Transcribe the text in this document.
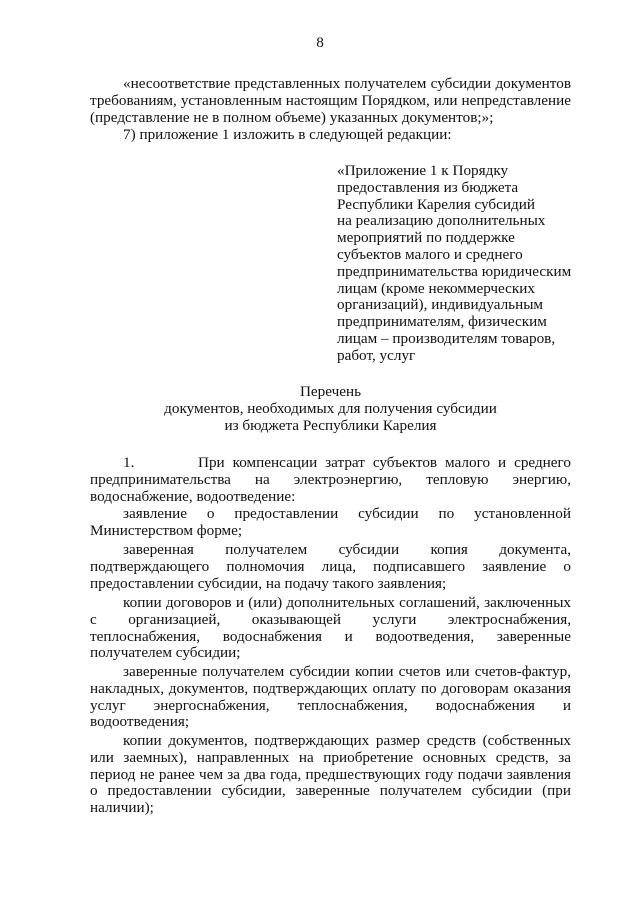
8

«несоответствие представленных получателем субсидии документов требованиям, установленным настоящим Порядком, или непредставление (представление не в полном объеме) указанных документов;»;

7) приложение 1 изложить в следующей редакции:

«Приложение 1 к Порядку
предоставления из бюджета
Республики Карелия субсидий
на реализацию дополнительных
мероприятий по поддержке
субъектов малого и среднего
предпринимательства юридическим
лицам (кроме некоммерческих
организаций), индивидуальным
предпринимателям, физическим
лицам – производителям товаров,
работ, услуг
Перечень
документов, необходимых для получения субсидии
из бюджета Республики Карелия

1.        При компенсации затрат субъектов малого и среднего предпринимательства на электроэнергию, тепловую энергию, водоснабжение, водоотведение:

заявление о предоставлении субсидии по установленной Министерством форме;

заверенная получателем субсидии копия документа, подтверждающего полномочия лица, подписавшего заявление о предоставлении субсидии, на подачу такого заявления;

копии договоров и (или) дополнительных соглашений, заключенных с организацией, оказывающей услуги электроснабжения, теплоснабжения, водоснабжения и водоотведения, заверенные получателем субсидии;

заверенные получателем субсидии копии счетов или счетов-фактур, накладных, документов, подтверждающих оплату по договорам оказания услуг энергоснабжения, теплоснабжения, водоснабжения и водоотведения;

копии документов, подтверждающих размер средств (собственных или заемных), направленных на приобретение основных средств, за период не ранее чем за два года, предшествующих году подачи заявления о предоставлении субсидии, заверенные получателем субсидии (при наличии);
